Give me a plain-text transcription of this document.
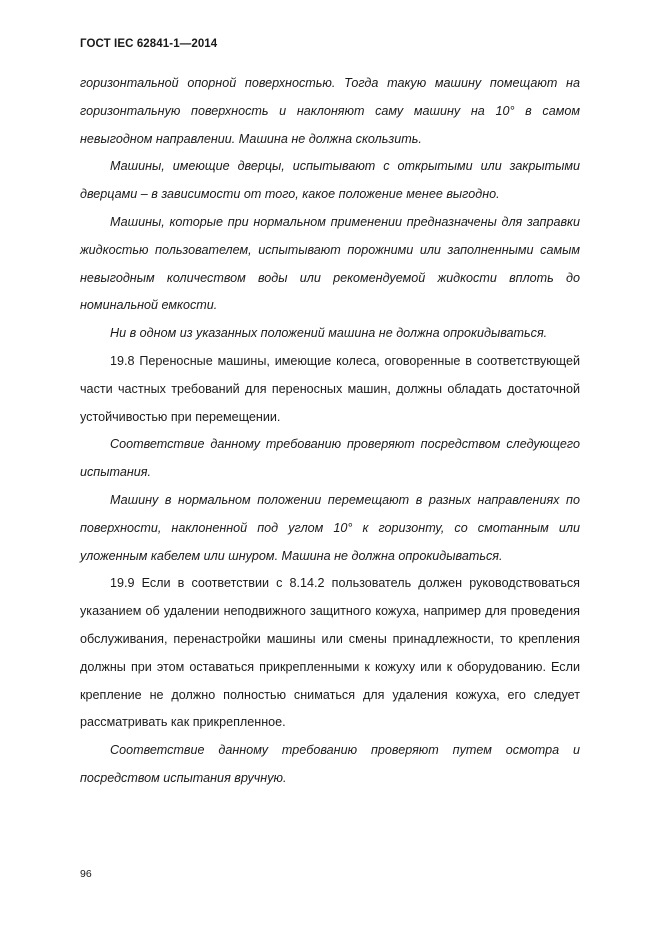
ГОСТ IEC 62841-1—2014

горизонтальной опорной поверхностью. Тогда такую машину помещают на горизонтальную поверхность и наклоняют саму машину на 10° в самом невыгодном направлении. Машина не должна скользить.

Машины, имеющие дверцы, испытывают с открытыми или закрытыми дверцами – в зависимости от того, какое положение менее выгодно.

Машины, которые при нормальном применении предназначены для заправки жидкостью пользователем, испытывают порожними или заполненными самым невыгодным количеством воды или рекомендуемой жидкости вплоть до номинальной емкости.

Ни в одном из указанных положений машина не должна опрокидываться.

19.8 Переносные машины, имеющие колеса, оговоренные в соответствующей части частных требований для переносных машин, должны обладать достаточной устойчивостью при перемещении.

Соответствие данному требованию проверяют посредством следующего испытания.

Машину в нормальном положении перемещают в разных направлениях по поверхности, наклоненной под углом 10° к горизонту, со смотанным или уложенным кабелем или шнуром. Машина не должна опрокидываться.

19.9 Если в соответствии с 8.14.2 пользователь должен руководствоваться указанием об удалении неподвижного защитного кожуха, например для проведения обслуживания, перенастройки машины или смены принадлежности, то крепления должны при этом оставаться прикрепленными к кожуху или к оборудованию. Если крепление не должно полностью сниматься для удаления кожуха, его следует рассматривать как прикрепленное.

Соответствие данному требованию проверяют путем осмотра и посредством испытания вручную.

96
